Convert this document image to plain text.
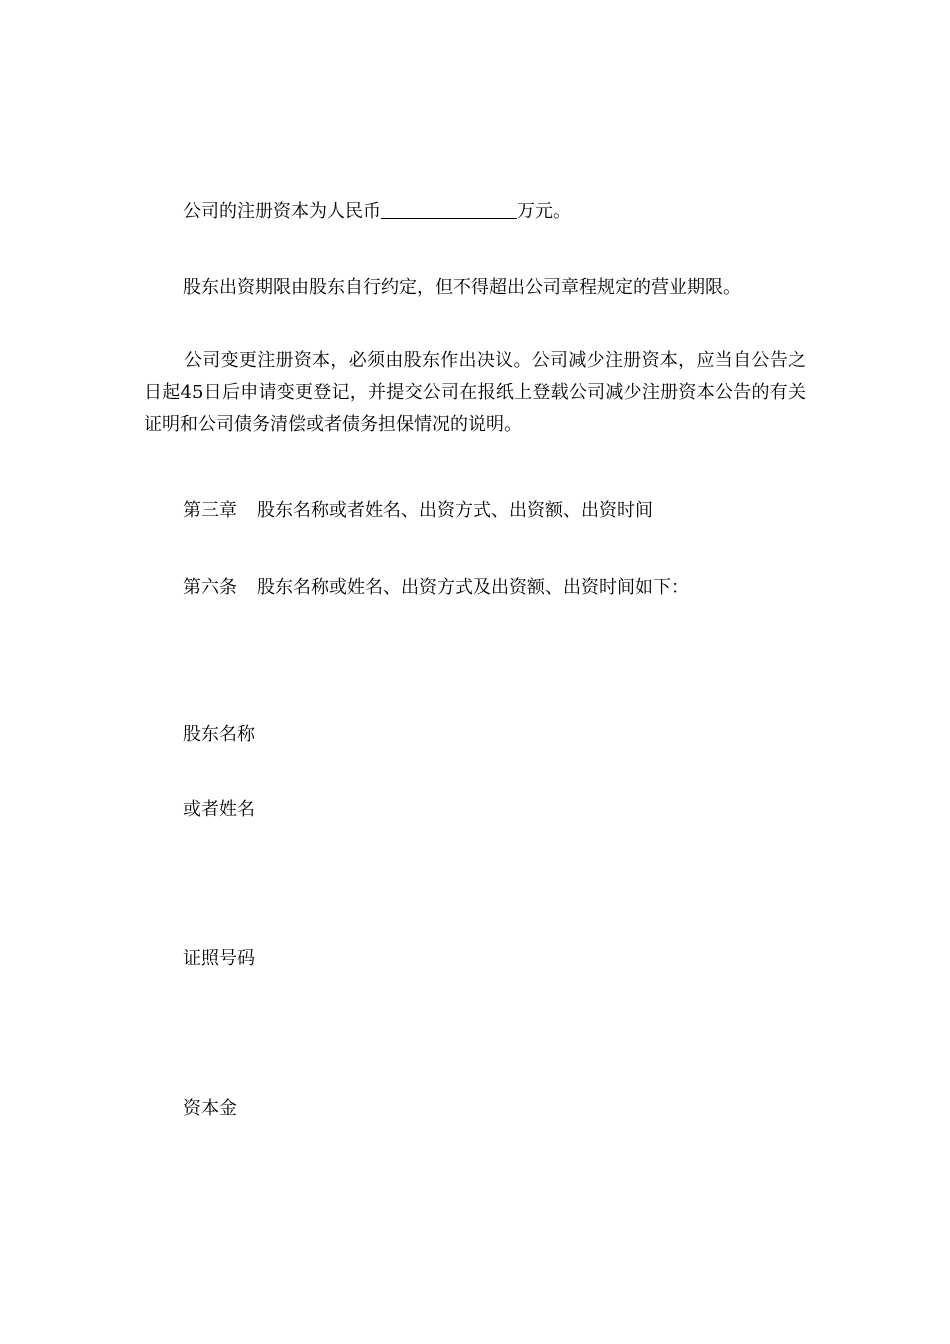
公司的注册资本为人民币	万元。

股东出资期限由股东自行约定，但不得超出公司章程规定的营业期限。

公司变更注册资本，必须由股东作出决议。公司减少注册资本，应当自公告之日起45日后申请变更登记，并提交公司在报纸上登载公司减少注册资本公告的有关证明和公司债务清偿或者债务担保情况的说明。

第三章 股东名称或者姓名、出资方式、出资额、出资时间

第六条 股东名称或姓名、出资方式及出资额、出资时间如下：

股东名称

或者姓名

证照号码

资本金
